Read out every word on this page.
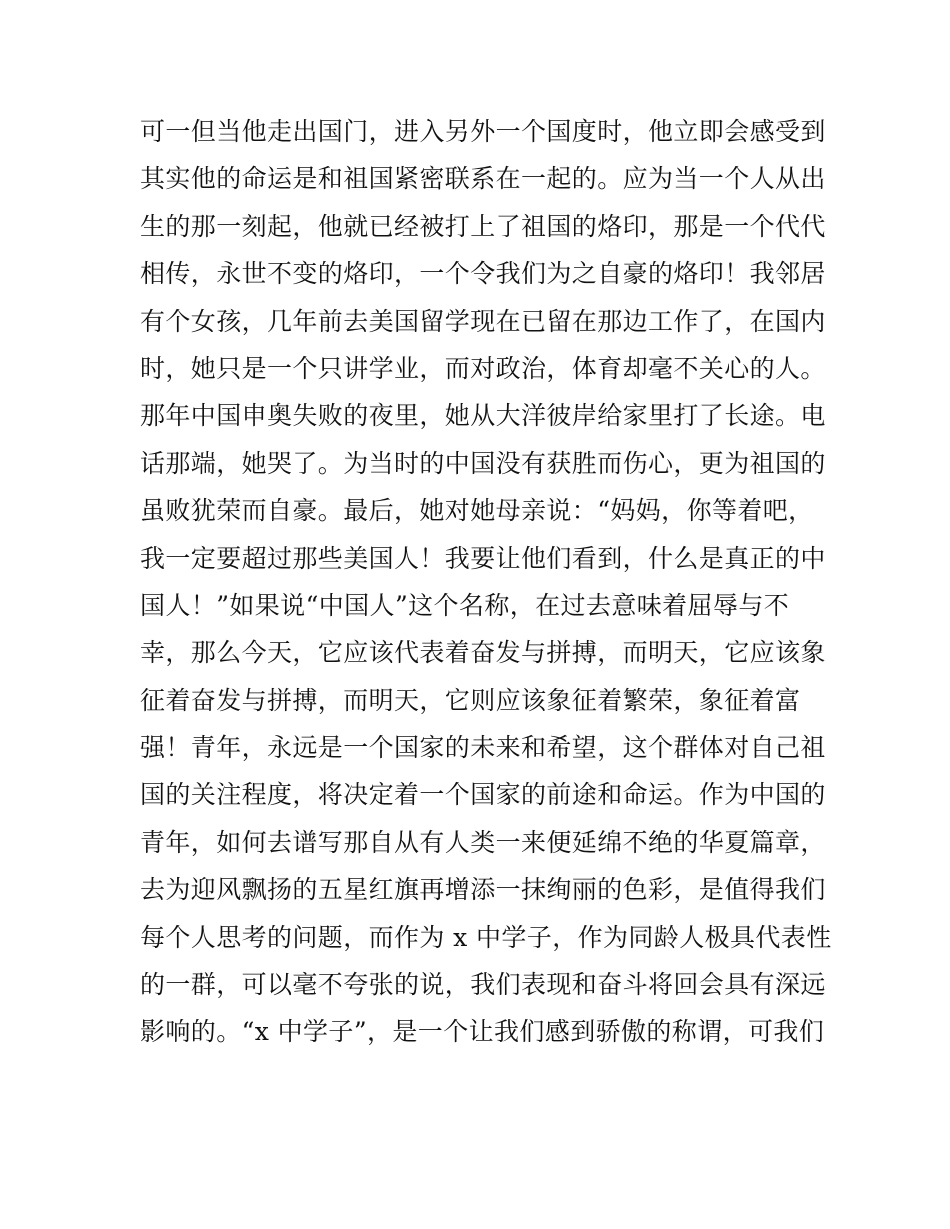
可一但当他走出国门，进入另外一个国度时，他立即会感受到
其实他的命运是和祖国紧密联系在一起的。应为当一个人从出
生的那一刻起，他就已经被打上了祖国的烙印，那是一个代代
相传，永世不变的烙印，一个令我们为之自豪的烙印！我邻居
有个女孩，几年前去美国留学现在已留在那边工作了，在国内
时，她只是一个只讲学业，而对政治，体育却毫不关心的人。
那年中国申奥失败的夜里，她从大洋彼岸给家里打了长途。电
话那端，她哭了。为当时的中国没有获胜而伤心，更为祖国的
虽败犹荣而自豪。最后，她对她母亲说：“妈妈，你等着吧，
我一定要超过那些美国人！我要让他们看到，什么是真正的中
国人！”如果说“中国人”这个名称，在过去意味着屈辱与不
幸，那么今天，它应该代表着奋发与拼搏，而明天，它应该象
征着奋发与拼搏，而明天，它则应该象征着繁荣，象征着富
强！青年，永远是一个国家的未来和希望，这个群体对自己祖
国的关注程度，将决定着一个国家的前途和命运。作为中国的
青年，如何去谱写那自从有人类一来便延绵不绝的华夏篇章，
去为迎风飘扬的五星红旗再增添一抹绚丽的色彩，是值得我们
每个人思考的问题，而作为 x 中学子，作为同龄人极具代表性
的一群，可以毫不夸张的说，我们表现和奋斗将回会具有深远
影响的。“x 中学子”，是一个让我们感到骄傲的称谓，可我们
